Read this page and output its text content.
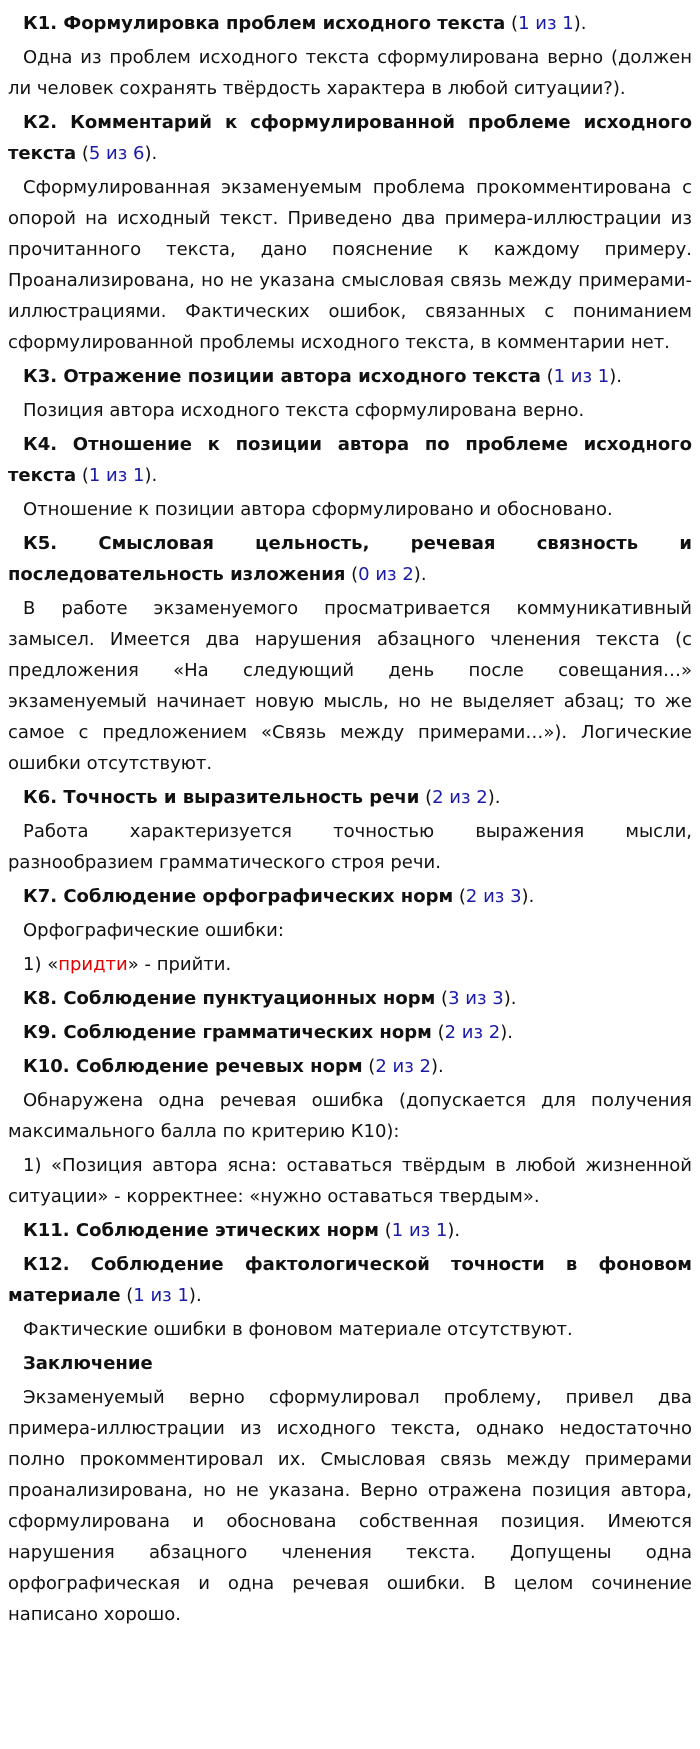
К1. Формулировка проблем исходного текста (1 из 1).

Одна из проблем исходного текста сформулирована верно (должен ли человек сохранять твёрдость характера в любой ситуации?).

К2. Комментарий к сформулированной проблеме исходного текста (5 из 6).

Сформулированная экзаменуемым проблема прокомментирована с опорой на исходный текст. Приведено два примера-иллюстрации из прочитанного текста, дано пояснение к каждому примеру. Проанализирована, но не указана смысловая связь между примерами-иллюстрациями. Фактических ошибок, связанных с пониманием сформулированной проблемы исходного текста, в комментарии нет.

К3. Отражение позиции автора исходного текста (1 из 1).

Позиция автора исходного текста сформулирована верно.

К4. Отношение к позиции автора по проблеме исходного текста (1 из 1).

Отношение к позиции автора сформулировано и обосновано.

К5. Смысловая цельность, речевая связность и последовательность изложения (0 из 2).

В работе экзаменуемого просматривается коммуникативный замысел. Имеется два нарушения абзацного членения текста (с предложения «На следующий день после совещания…» экзаменуемый начинает новую мысль, но не выделяет абзац; то же самое с предложением «Связь между примерами…»). Логические ошибки отсутствуют.

К6. Точность и выразительность речи (2 из 2).

Работа характеризуется точностью выражения мысли, разнообразием грамматического строя речи.

К7. Соблюдение орфографических норм (2 из 3).

Орфографические ошибки:

1) «придти» - прийти.

К8. Соблюдение пунктуационных норм (3 из 3).

К9. Соблюдение грамматических норм (2 из 2).

К10. Соблюдение речевых норм (2 из 2).

Обнаружена одна речевая ошибка (допускается для получения максимального балла по критерию К10):

1) «Позиция автора ясна: оставаться твёрдым в любой жизненной ситуации» - корректнее: «нужно оставаться твердым».

К11. Соблюдение этических норм (1 из 1).

К12. Соблюдение фактологической точности в фоновом материале (1 из 1).

Фактические ошибки в фоновом материале отсутствуют.

Заключение

Экзаменуемый верно сформулировал проблему, привел два примера-иллюстрации из исходного текста, однако недостаточно полно прокомментировал их. Смысловая связь между примерами проанализирована, но не указана. Верно отражена позиция автора, сформулирована и обоснована собственная позиция. Имеются нарушения абзацного членения текста. Допущены одна орфографическая и одна речевая ошибки. В целом сочинение написано хорошо.
